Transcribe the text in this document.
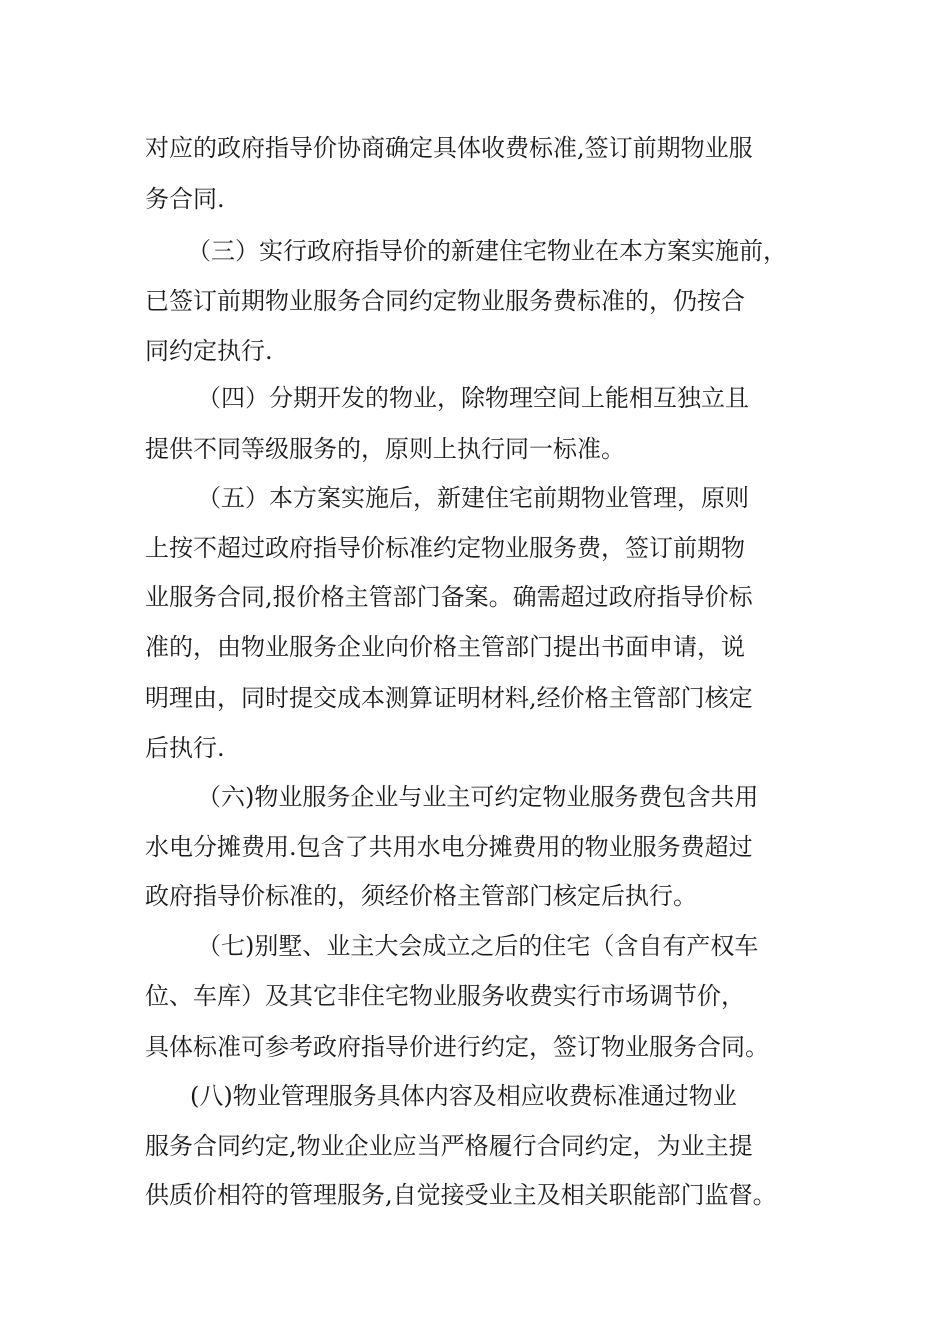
对应的政府指导价协商确定具体收费标准,签订前期物业服

务合同.

（三）实行政府指导价的新建住宅物业在本方案实施前，

已签订前期物业服务合同约定物业服务费标准的，仍按合

同约定执行.

（四）分期开发的物业，除物理空间上能相互独立且

提供不同等级服务的，原则上执行同一标准。

（五）本方案实施后，新建住宅前期物业管理，原则

上按不超过政府指导价标准约定物业服务费，签订前期物

业服务合同,报价格主管部门备案。确需超过政府指导价标

准的，由物业服务企业向价格主管部门提出书面申请，说

明理由，同时提交成本测算证明材料,经价格主管部门核定

后执行.

（六)物业服务企业与业主可约定物业服务费包含共用

水电分摊费用.包含了共用水电分摊费用的物业服务费超过

政府指导价标准的，须经价格主管部门核定后执行。

（七)别墅、业主大会成立之后的住宅（含自有产权车

位、车库）及其它非住宅物业服务收费实行市场调节价，

具体标准可参考政府指导价进行约定，签订物业服务合同。

(八)物业管理服务具体内容及相应收费标准通过物业

服务合同约定,物业企业应当严格履行合同约定，为业主提

供质价相符的管理服务,自觉接受业主及相关职能部门监督。
